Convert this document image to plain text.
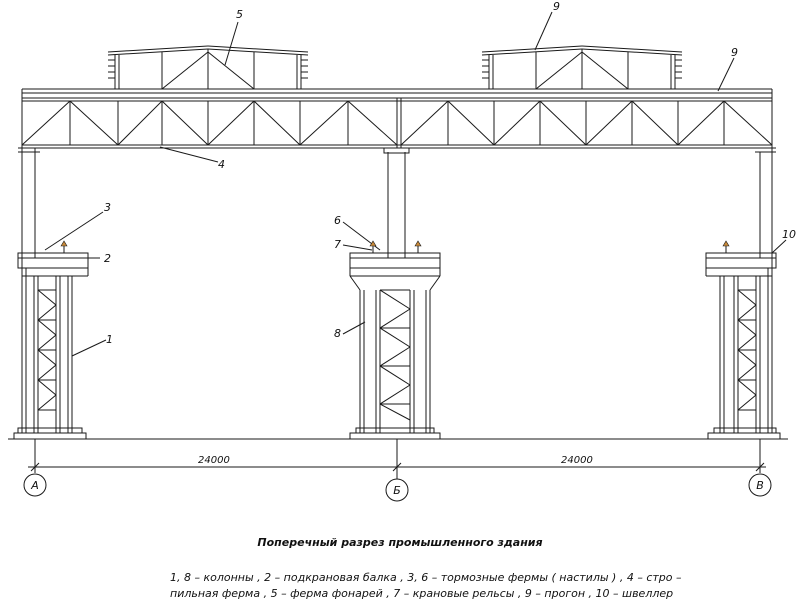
5
9
9
4
3
2
1
6
7
8
10
24000	24000
А	Б	В
Поперечный разрез промышленного здания
1, 8 – колонны , 2 – подкрановая балка , 3, 6 – тормозные фермы ( настилы ) , 4 – стро –
пильная ферма , 5 – ферма фонарей , 7 – крановые рельсы , 9 – прогон , 10 – швеллер
